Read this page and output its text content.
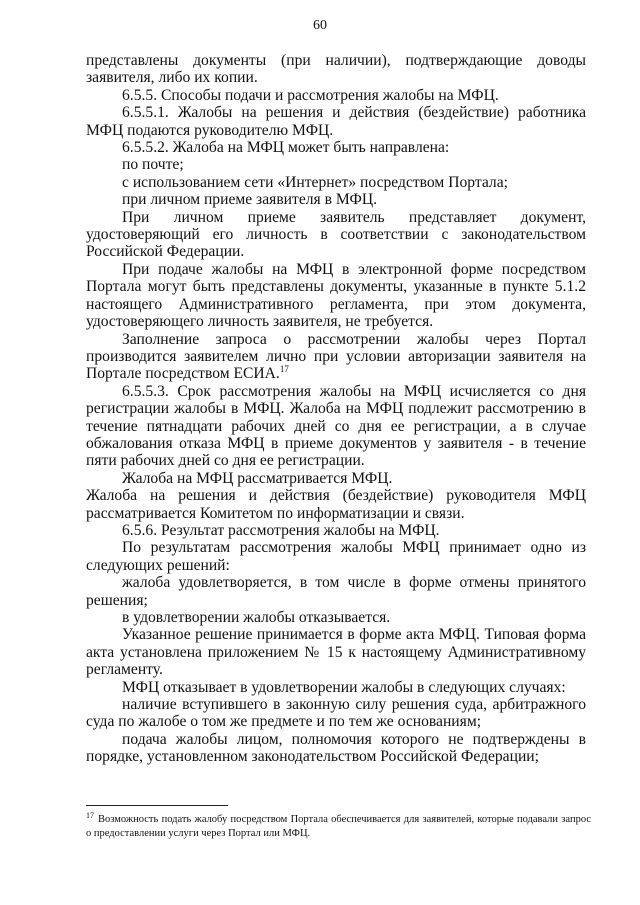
60

представлены документы (при наличии), подтверждающие доводы заявителя, либо их копии.

6.5.5. Способы подачи и рассмотрения жалобы на МФЦ.

6.5.5.1. Жалобы на решения и действия (бездействие) работника МФЦ подаются руководителю МФЦ.

6.5.5.2. Жалоба на МФЦ может быть направлена:

по почте;

с использованием сети «Интернет» посредством Портала;

при личном приеме заявителя в МФЦ.

При личном приеме заявитель представляет документ, удостоверяющий его личность в соответствии с законодательством Российской Федерации.

При подаче жалобы на МФЦ в электронной форме посредством Портала могут быть представлены документы, указанные в пункте 5.1.2 настоящего Административного регламента, при этом документа, удостоверяющего личность заявителя, не требуется.

Заполнение запроса о рассмотрении жалобы через Портал производится заявителем лично при условии авторизации заявителя на Портале посредством ЕСИА.$^{17}$

6.5.5.3. Срок рассмотрения жалобы на МФЦ исчисляется со дня регистрации жалобы в МФЦ. Жалоба на МФЦ подлежит рассмотрению в течение пятнадцати рабочих дней со дня ее регистрации, а в случае обжалования отказа МФЦ в приеме документов у заявителя - в течение пяти рабочих дней со дня ее регистрации.

Жалоба на МФЦ рассматривается МФЦ.

Жалоба на решения и действия (бездействие) руководителя МФЦ рассматривается Комитетом по информатизации и связи.

6.5.6. Результат рассмотрения жалобы на МФЦ.

По результатам рассмотрения жалобы МФЦ принимает одно из следующих решений:

жалоба удовлетворяется, в том числе в форме отмены принятого решения;

в удовлетворении жалобы отказывается.

Указанное решение принимается в форме акта МФЦ. Типовая форма акта установлена приложением № 15 к настоящему Административному регламенту.

МФЦ отказывает в удовлетворении жалобы в следующих случаях:

наличие вступившего в законную силу решения суда, арбитражного суда по жалобе о том же предмете и по тем же основаниям;

подача жалобы лицом, полномочия которого не подтверждены в порядке, установленном законодательством Российской Федерации;

$^{17}$ Возможность подать жалобу посредством Портала обеспечивается для заявителей, которые подавали запрос о предоставлении услуги через Портал или МФЦ.
